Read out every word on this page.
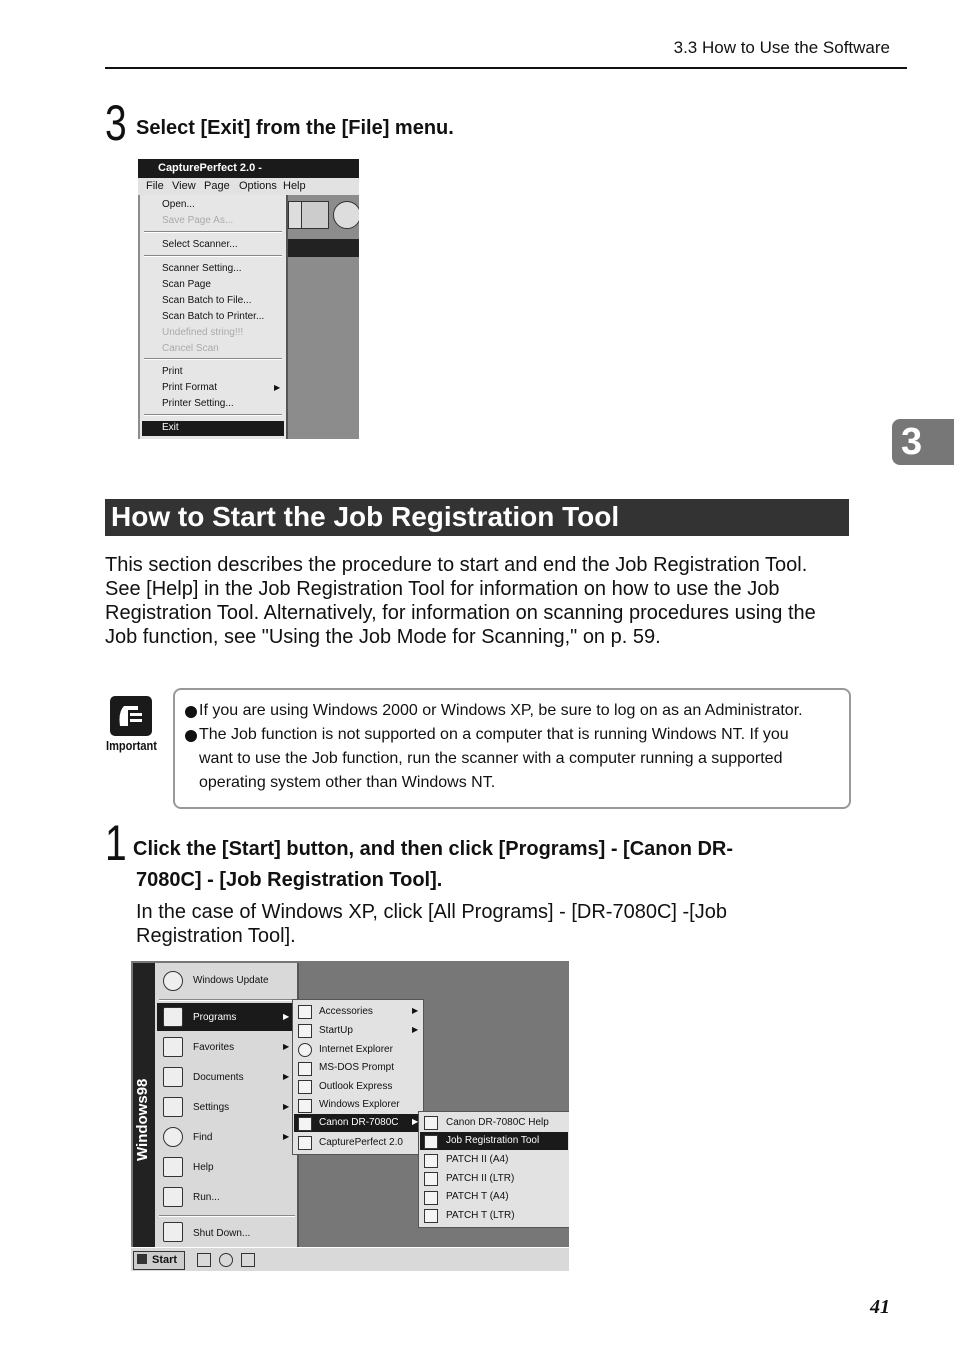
3.3 How to Use the Software
3
3 Select [Exit] from the [File] menu.
CapturePerfect 2.0 -
File View Page Options Help
Open...
Save Page As...
Select Scanner...
Scanner Setting...
Scan Page
Scan Batch to File...
Scan Batch to Printer...
Undefined string!!!
Cancel Scan
Print
Print Format	▶
Printer Setting...
Exit
How to Start the Job Registration Tool

This section describes the procedure to start and end the Job Registration Tool.

See [Help] in the Job Registration Tool for information on how to use the Job

Registration Tool. Alternatively, for information on scanning procedures using the

Job function, see "Using the Job Mode for Scanning," on p. 59.

Important
If you are using Windows 2000 or Windows XP, be sure to log on as an Administrator.
The Job function is not supported on a computer that is running Windows NT. If you
want to use the Job function, run the scanner with a computer running a supported
operating system other than Windows NT.
1 Click the [Start] button, and then click [Programs] - [Canon DR-
7080C] - [Job Registration Tool].
In the case of Windows XP, click [All Programs] - [DR-7080C] -[Job
Registration Tool].
Windows98
Windows Update
Programs	▶
Favorites	▶
Documents	▶
Settings	▶
Find	▶
Help
Run...
Shut Down...
Accessories	▶
StartUp	▶
Internet Explorer
MS-DOS Prompt
Outlook Express
Windows Explorer
Canon DR-7080C ▶
CapturePerfect 2.0
Canon DR-7080C Help
Job Registration Tool
PATCH II (A4)
PATCH II (LTR)
PATCH T (A4)
PATCH T (LTR)
Start
41
